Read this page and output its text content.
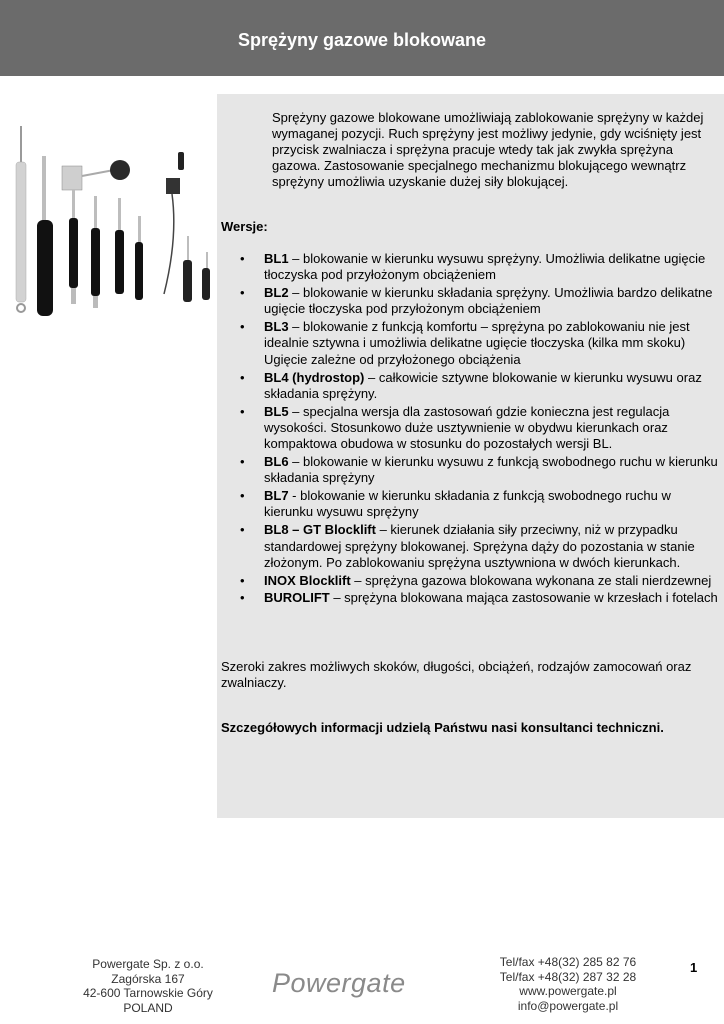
Sprężyny gazowe blokowane

Sprężyny gazowe blokowane umożliwiają zablokowanie sprężyny w każdej wymaganej pozycji. Ruch sprężyny jest możliwy jedynie, gdy wciśnięty jest przycisk zwalniacza i sprężyna pracuje wtedy tak jak zwykła sprężyna gazowa. Zastosowanie specjalnego mechanizmu blokującego wewnątrz sprężyny umożliwia uzyskanie dużej siły blokującej.

Wersje:

• BL1 – blokowanie w kierunku wysuwu sprężyny. Umożliwia delikatne ugięcie tłoczyska pod przyłożonym obciążeniem
• BL2 – blokowanie w kierunku składania sprężyny. Umożliwia bardzo delikatne ugięcie tłoczyska pod przyłożonym obciążeniem
• BL3 – blokowanie z funkcją komfortu – sprężyna po zablokowaniu nie jest idealnie sztywna i umożliwia delikatne ugięcie tłoczyska (kilka mm skoku) Ugięcie zależne od przyłożonego obciążenia
• BL4 (hydrostop) – całkowicie sztywne blokowanie w kierunku wysuwu oraz składania sprężyny.
• BL5 – specjalna wersja dla zastosowań gdzie konieczna jest regulacja wysokości. Stosunkowo duże usztywnienie w obydwu kierunkach oraz kompaktowa obudowa w stosunku do pozostałych wersji BL.
• BL6 – blokowanie w kierunku wysuwu z funkcją swobodnego ruchu w kierunku składania sprężyny
• BL7 - blokowanie w kierunku składania z funkcją swobodnego ruchu w kierunku wysuwu sprężyny
• BL8 – GT Blocklift – kierunek działania siły przeciwny, niż w przypadku standardowej sprężyny blokowanej. Sprężyna dąży do pozostania w stanie złożonym. Po zablokowaniu sprężyna usztywniona w dwóch kierunkach.
• INOX Blocklift – sprężyna gazowa blokowana wykonana ze stali nierdzewnej
• BUROLIFT – sprężyna blokowana mająca zastosowanie w krzesłach i fotelach

Szeroki zakres możliwych skoków, długości, obciążeń, rodzajów zamocowań oraz zwalniaczy.

Szczegółowych informacji udzielą Państwu nasi konsultanci techniczni.

Powergate Sp. z o.o.
Zagórska 167
42-600 Tarnowskie Góry
POLAND
Powergate
Tel/fax +48(32) 285 82 76
Tel/fax +48(32) 287 32 28
www.powergate.pl
info@powergate.pl
1
